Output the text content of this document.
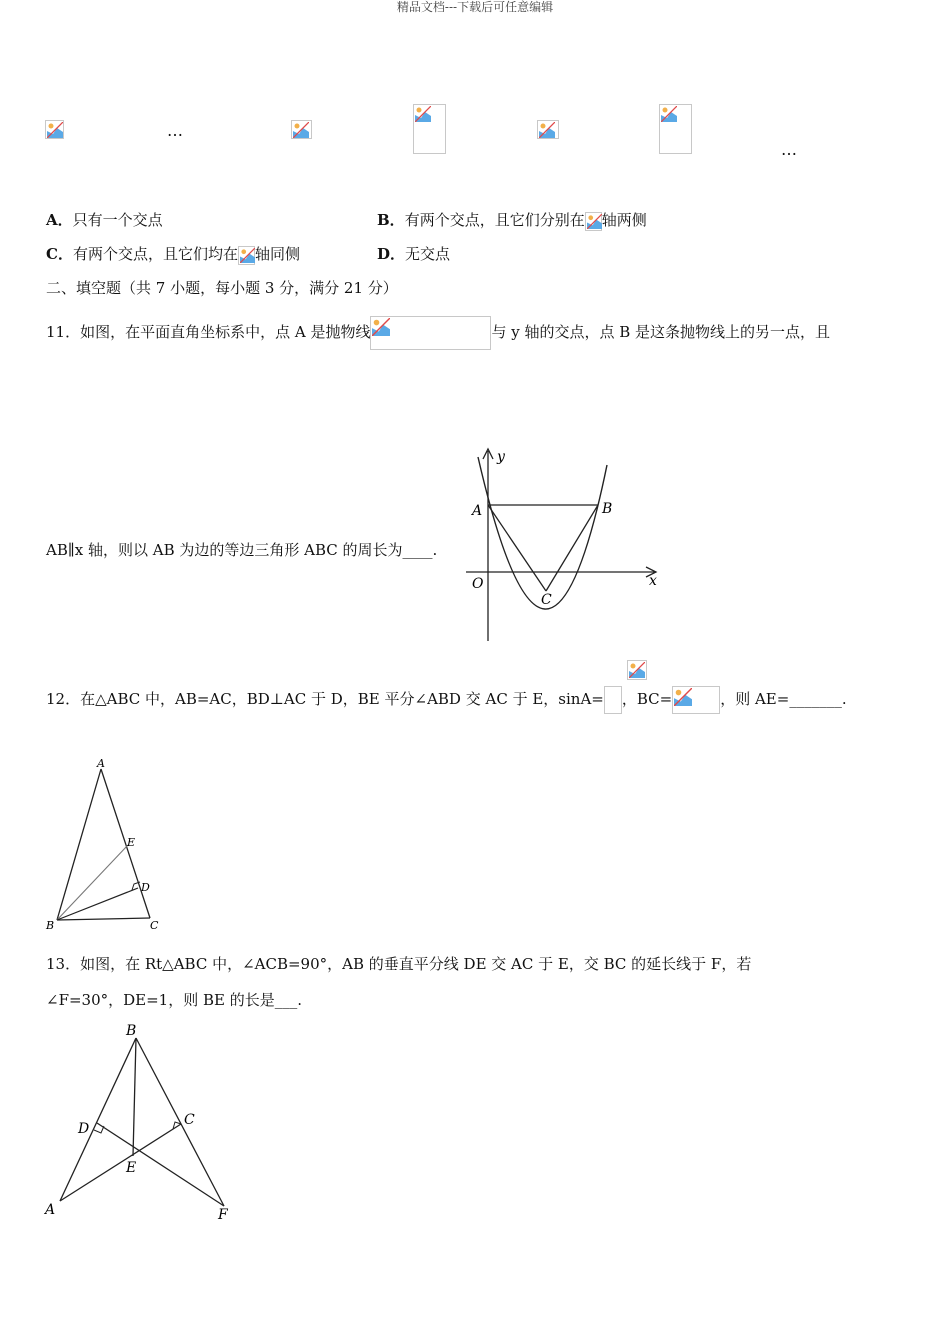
精品文档---下载后可任意编辑
…
…
A．只有一个交点	B．有两个交点，且它们分别在 轴两侧
C．有两个交点，且它们均在 轴同侧	D．无交点
二、填空题（共 7 小题，每小题 3 分，满分 21 分）
11．如图，在平面直角坐标系中，点 A 是抛物线	与 y 轴的交点，点 B 是这条抛物线上的另一点，且
AB∥x 轴，则以 AB 为边的等边三角形 ABC 的周长为____.
y
x
O
A	B
C
12．在△ABC 中，AB=AC，BD⊥AC 于 D，BE 平分∠ABD 交 AC 于 E，sinA= ，BC=	，则 AE=_______.
A
B	C
D
E
13．如图，在 Rt△ABC 中，∠ACB=90°，AB 的垂直平分线 DE 交 AC 于 E，交 BC 的延长线于 F，若
∠F=30°，DE=1，则 BE 的长是___.
B
D
C
E
A	F
